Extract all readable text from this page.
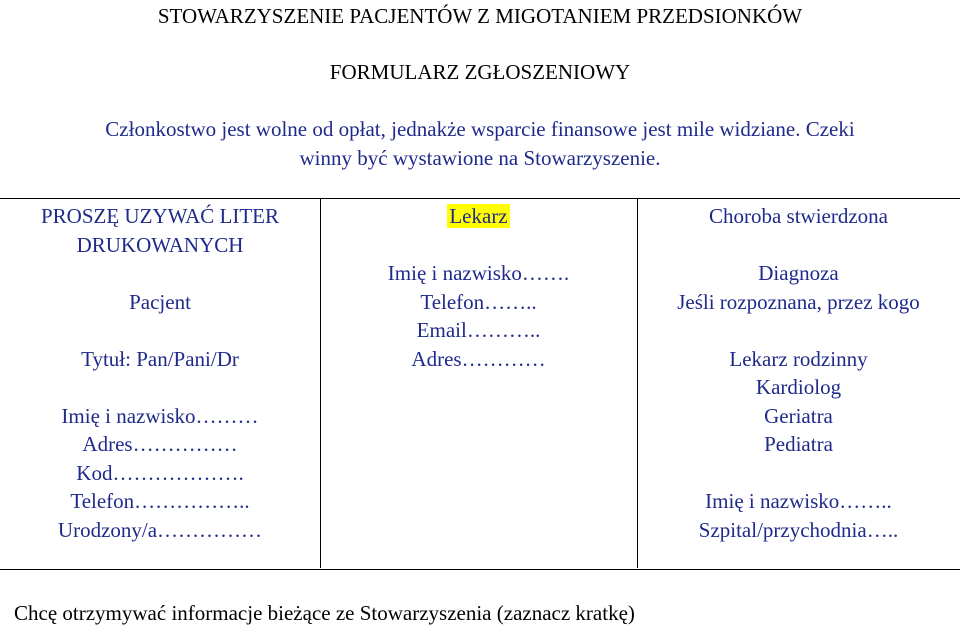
STOWARZYSZENIE PACJENTÓW Z MIGOTANIEM PRZEDSIONKÓW
FORMULARZ ZGŁOSZENIOWY
Członkostwo jest wolne od opłat, jednakże wsparcie finansowe jest mile widziane. Czeki
winny być wystawione na Stowarzyszenie.
PROSZĘ UZYWAĆ LITER
DRUKOWANYCH
Pacjent
Tytuł: Pan/Pani/Dr
Imię i nazwisko………
Adres……………
Kod……………….
Telefon……………..
Urodzony/a……………
Lekarz
Imię i nazwisko…….
Telefon……..
Email………..
Adres…………
Choroba stwierdzona
Diagnoza
Jeśli rozpoznana, przez kogo
Lekarz rodzinny
Kardiolog
Geriatra
Pediatra
Imię i nazwisko……..
Szpital/przychodnia…..
Chcę otrzymywać informacje bieżące ze Stowarzyszenia (zaznacz kratkę)
